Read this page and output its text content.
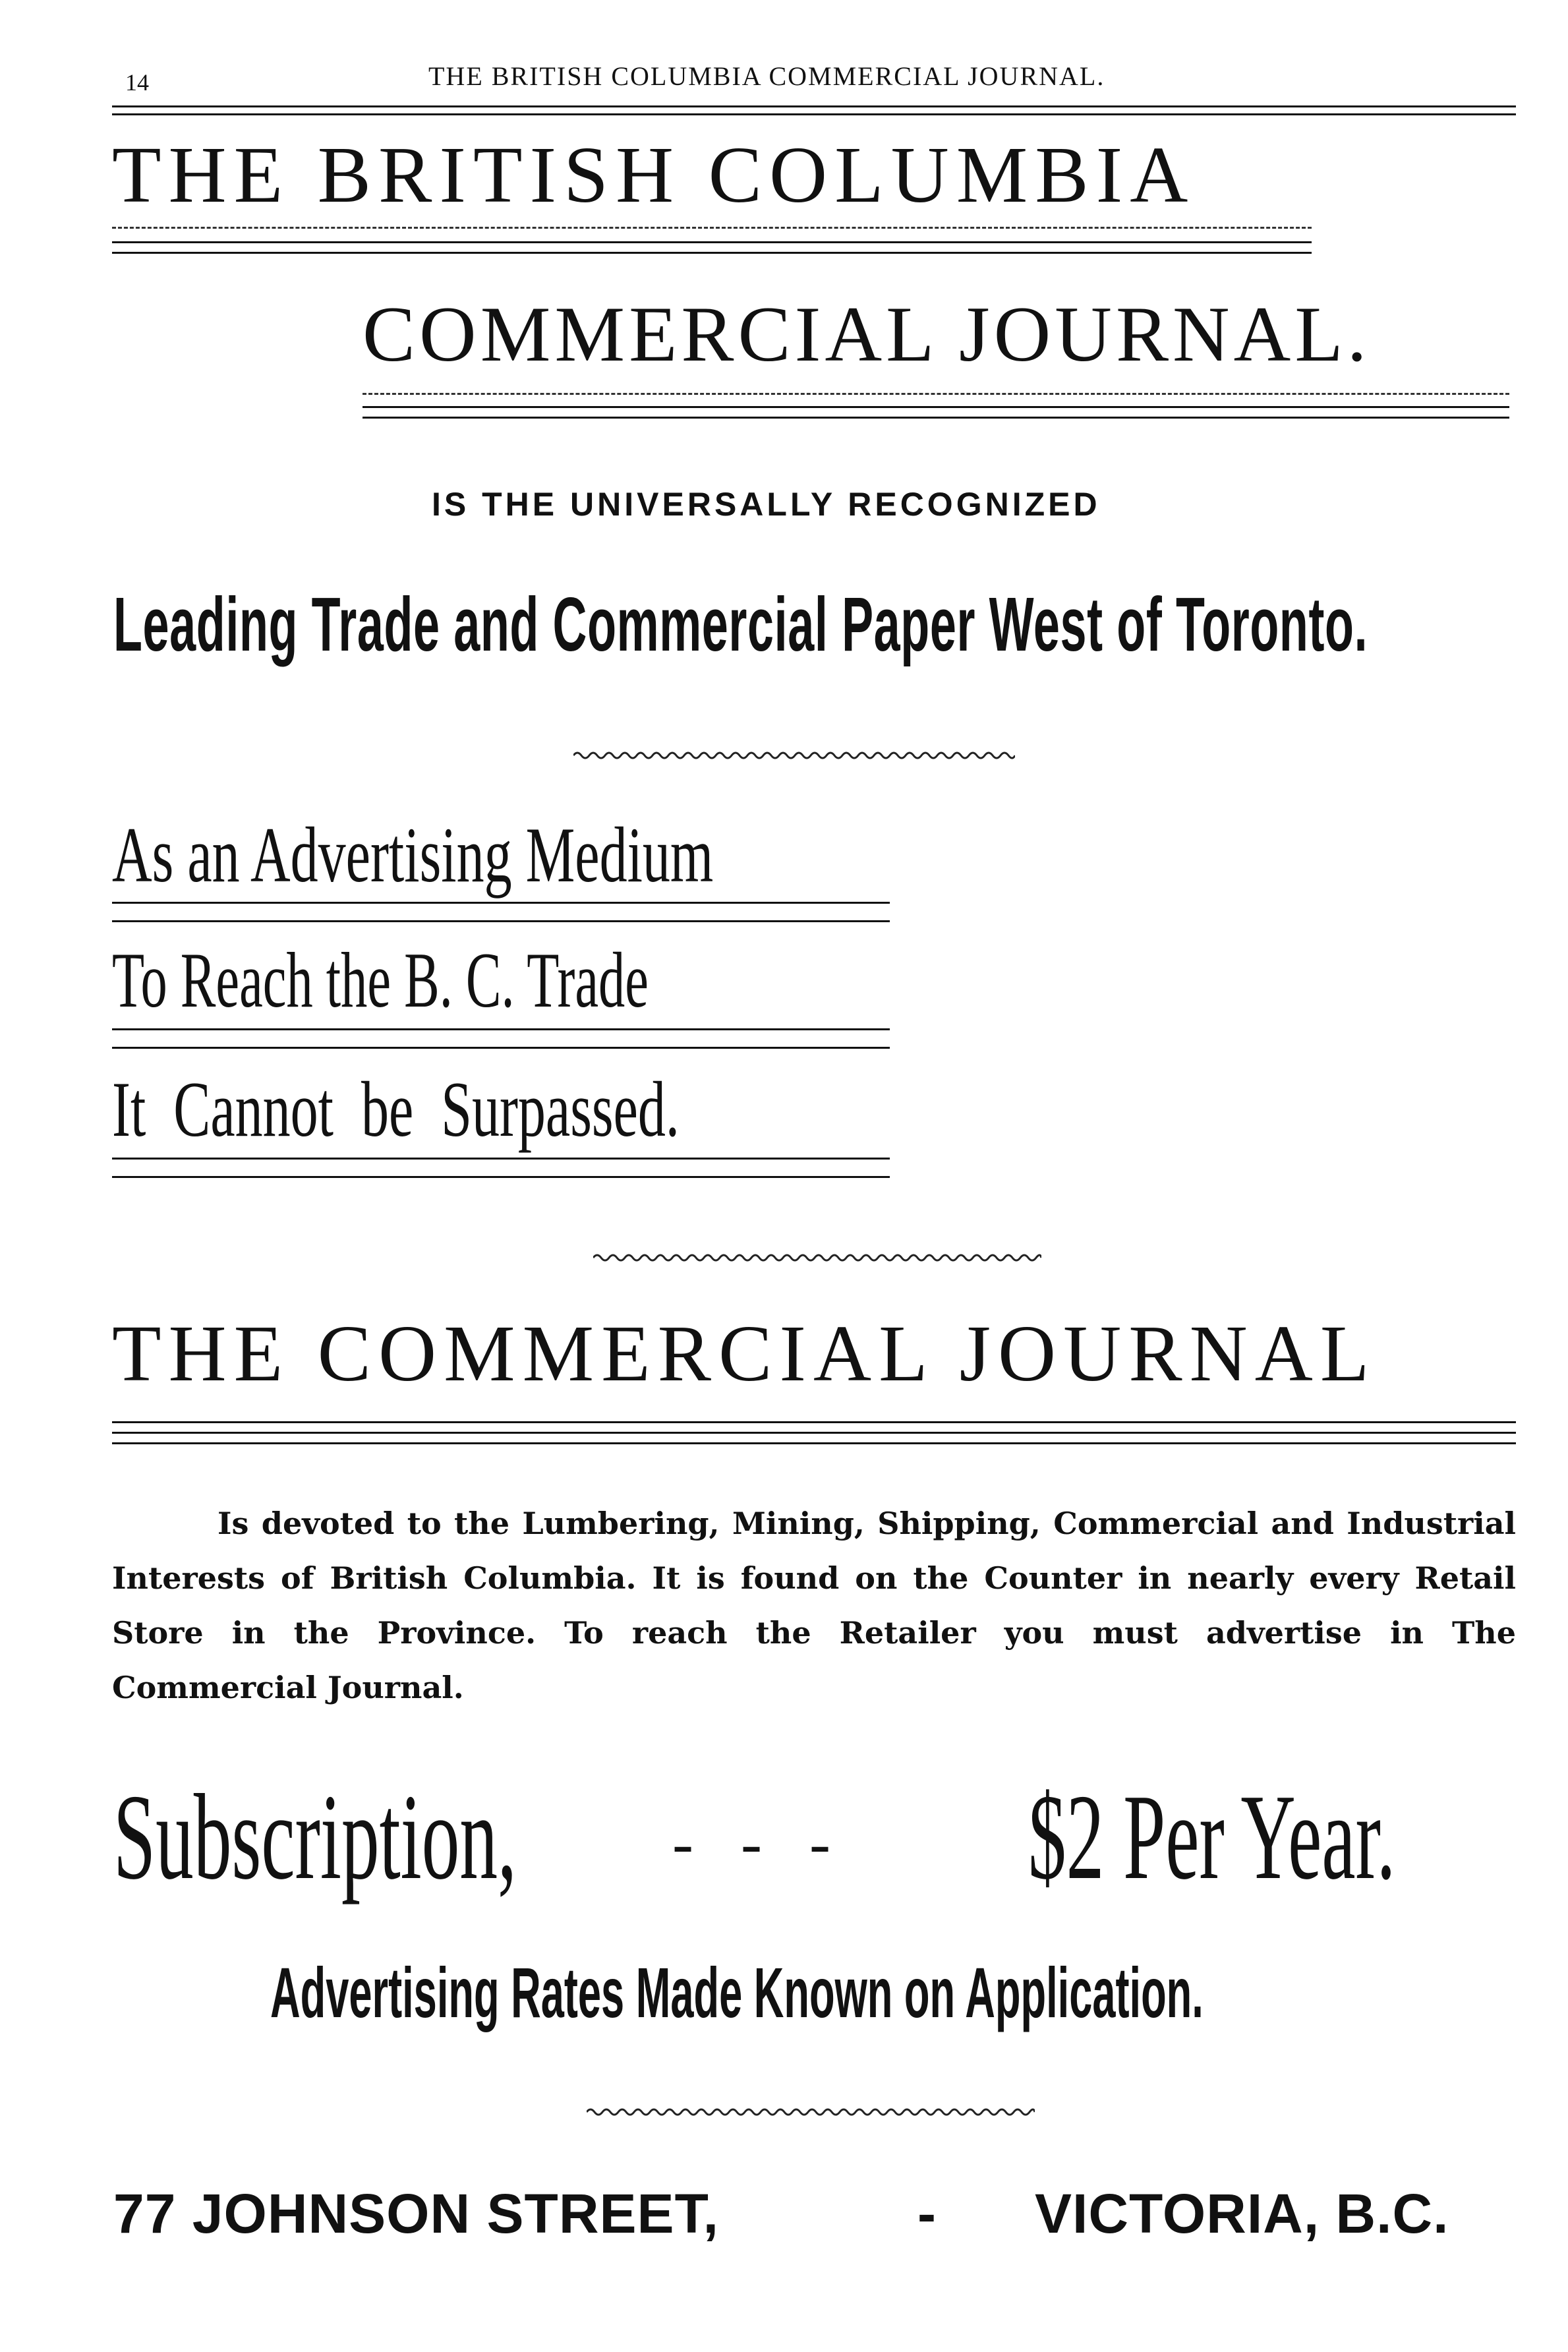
14	THE BRITISH COLUMBIA COMMERCIAL JOURNAL.
THE BRITISH COLUMBIA
COMMERCIAL JOURNAL.
IS THE UNIVERSALLY RECOGNIZED
Leading Trade and Commercial Paper West of Toronto.
As an Advertising Medium
To Reach the B. C. Trade
It Cannot be Surpassed.
THE COMMERCIAL JOURNAL
Is devoted to the Lumbering, Mining, Shipping, Commercial and Industrial Interests of British Columbia. It is found on the Counter in nearly every Retail Store in the Province. To reach the Retailer you must advertise in The Commercial Journal.
Subscription,	-   -   - $2 Per Year.
Advertising Rates Made Known on Application.
77 JOHNSON STREET,	- VICTORIA, B.C.
